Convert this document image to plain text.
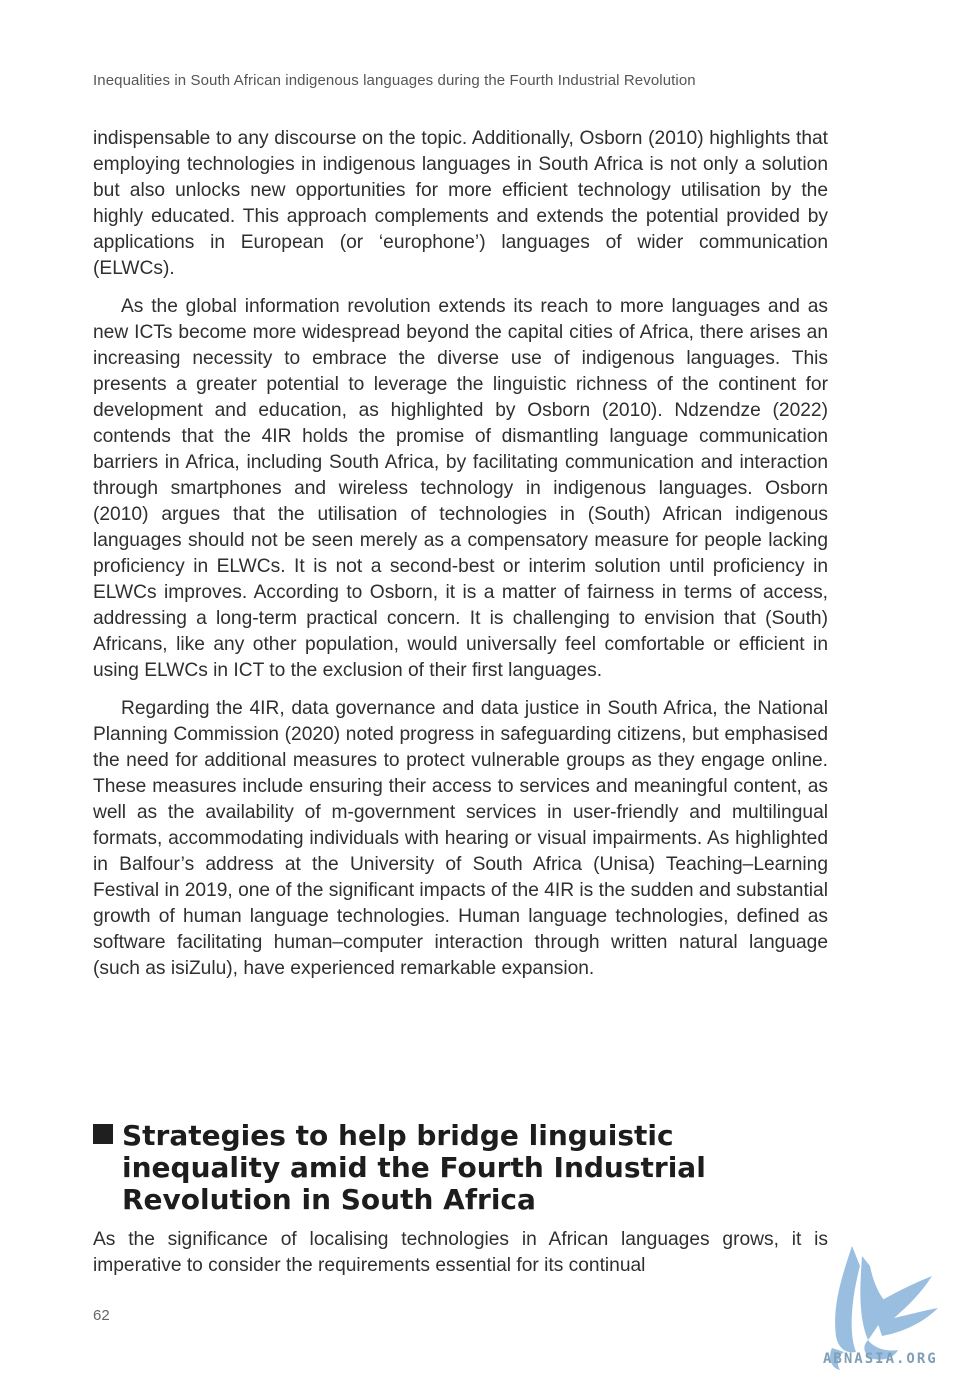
Inequalities in South African indigenous languages during the Fourth Industrial Revolution

indispensable to any discourse on the topic. Additionally, Osborn (2010) highlights that employing technologies in indigenous languages in South Africa is not only a solution but also unlocks new opportunities for more efficient technology utilisation by the highly educated. This approach complements and extends the potential provided by applications in European (or ‘europhone’) languages of wider communication (ELWCs).

As the global information revolution extends its reach to more languages and as new ICTs become more widespread beyond the capital cities of Africa, there arises an increasing necessity to embrace the diverse use of indigenous languages. This presents a greater potential to leverage the linguistic richness of the continent for development and education, as highlighted by Osborn (2010). Ndzendze (2022) contends that the 4IR holds the promise of dismantling language communication barriers in Africa, including South Africa, by facilitating communication and interaction through smartphones and wireless technology in indigenous languages. Osborn (2010) argues that the utilisation of technologies in (South) African indigenous languages should not be seen merely as a compensatory measure for people lacking proficiency in ELWCs. It is not a second-best or interim solution until proficiency in ELWCs improves. According to Osborn, it is a matter of fairness in terms of access, addressing a long-term practical concern. It is challenging to envision that (South) Africans, like any other population, would universally feel comfortable or efficient in using ELWCs in ICT to the exclusion of their first languages.

Regarding the 4IR, data governance and data justice in South Africa, the National Planning Commission (2020) noted progress in safeguarding citizens, but emphasised the need for additional measures to protect vulnerable groups as they engage online. These measures include ensuring their access to services and meaningful content, as well as the availability of m-government services in user-friendly and multilingual formats, accommodating individuals with hearing or visual impairments. As highlighted in Balfour’s address at the University of South Africa (Unisa) Teaching–Learning Festival in 2019, one of the significant impacts of the 4IR is the sudden and substantial growth of human language technologies. Human language technologies, defined as software facilitating human–computer interaction through written natural language (such as isiZulu), have experienced remarkable expansion.

Strategies to help bridge linguistic
inequality amid the Fourth Industrial
Revolution in South Africa

As the significance of localising technologies in African languages grows, it is imperative to consider the requirements essential for its continual

62
ABNASIA.ORG
